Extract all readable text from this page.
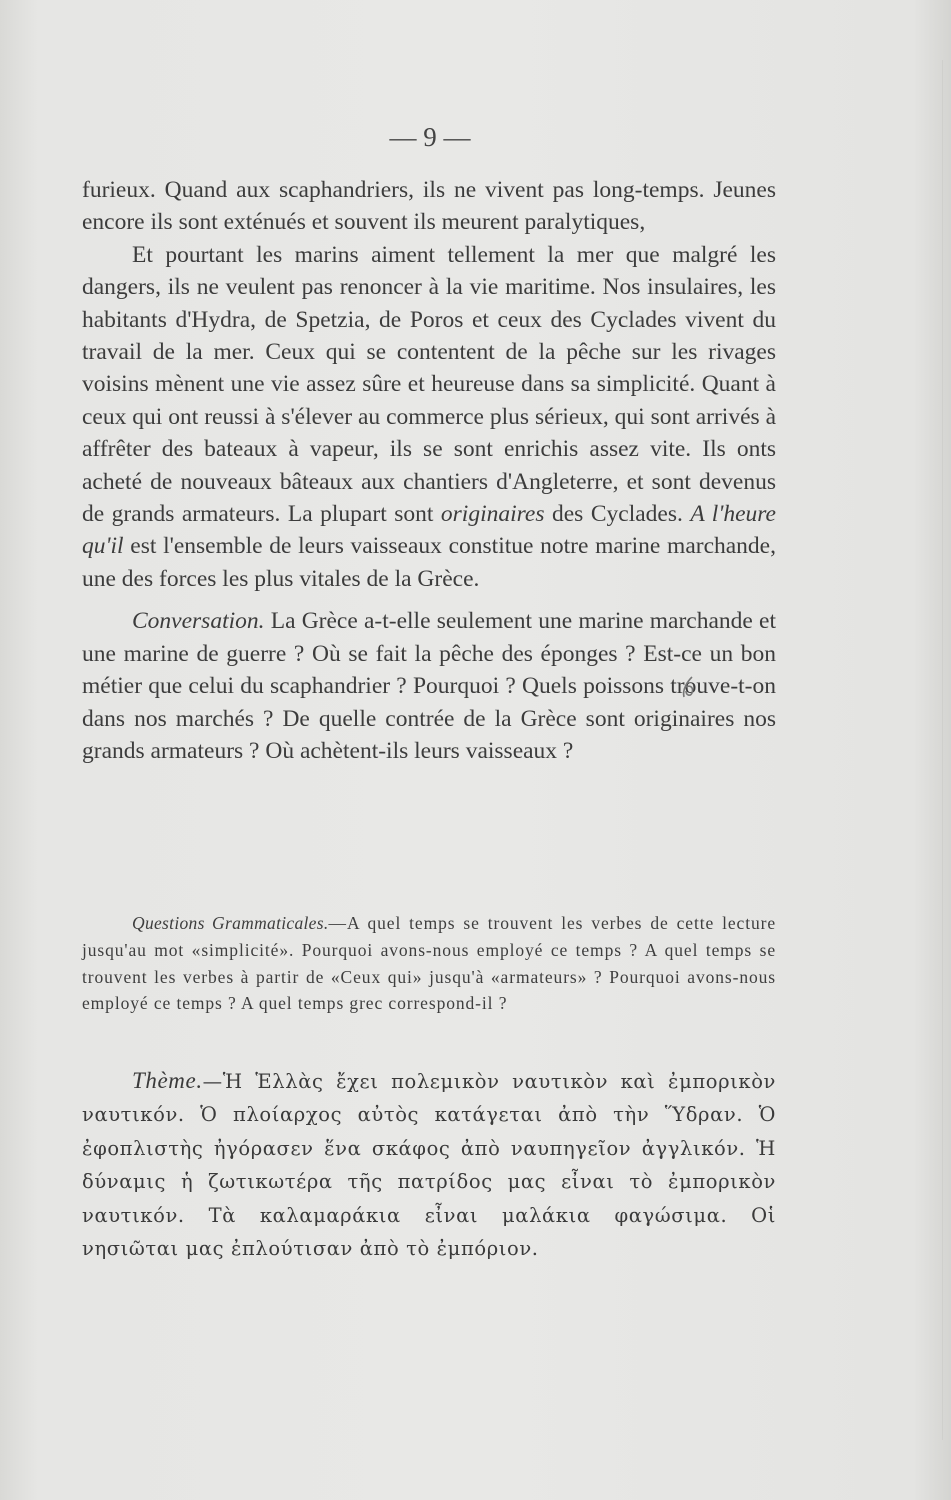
— 9 —

furieux. Quand aux scaphandriers, ils ne vivent pas long-temps. Jeunes encore ils sont exténués et souvent ils meurent paralytiques,

Et pourtant les marins aiment tellement la mer que malgré les dangers, ils ne veulent pas renoncer à la vie maritime. Nos insulaires, les habitants d'Hydra, de Spetzia, de Poros et ceux des Cyclades vivent du travail de la mer. Ceux qui se contentent de la pêche sur les rivages voisins mènent une vie assez sûre et heureuse dans sa simplicité. Quant à ceux qui ont reussi à s'élever au commerce plus sérieux, qui sont arrivés à affrêter des bateaux à vapeur, ils se sont enrichis assez vite. Ils onts acheté de nouveaux bâteaux aux chantiers d'Angleterre, et sont devenus de grands armateurs. La plupart sont originaires des Cyclades. A l'heure qu'il est l'ensemble de leurs vaisseaux constitue notre marine marchande, une des forces les plus vitales de la Grèce.

Conversation. La Grèce a-t-elle seulement une marine marchande et une marine de guerre ? Où se fait la pêche des éponges ? Est-ce un bon métier que celui du scaphandrier ? Pourquoi ? Quels poissons trouve-t-on dans nos marchés ? De quelle contrée de la Grèce sont originaires nos grands armateurs ? Où achètent-ils leurs vaisseaux ?

Questions Grammaticales.—A quel temps se trouvent les verbes de cette lecture jusqu'au mot «simplicité». Pourquoi avons-nous employé ce temps ? A quel temps se trouvent les verbes à partir de «Ceux qui» jusqu'à «armateurs» ? Pourquoi avons-nous employé ce temps ? A quel temps grec correspond-il ?

Thème.—Ἡ Ἑλλὰς ἔχει πολεμικὸν ναυτικὸν καὶ ἐμπορικὸν ναυτικόν. Ὁ πλοίαρχος αὐτὸς κατάγεται ἀπὸ τὴν Ὕδραν. Ὁ ἐφοπλιστὴς ἠγόρασεν ἕνα σκάφος ἀπὸ ναυπηγεῖον ἀγγλικόν. Ἡ δύναμις ἡ ζωτικωτέρα τῆς πατρίδος μας εἶναι τὸ ἐμπορικὸν ναυτικόν. Τὰ καλαμαράκια εἶναι μαλάκια φαγώσιμα. Οἱ νησιῶται μας ἐπλούτισαν ἀπὸ τὸ ἐμπόριον.
